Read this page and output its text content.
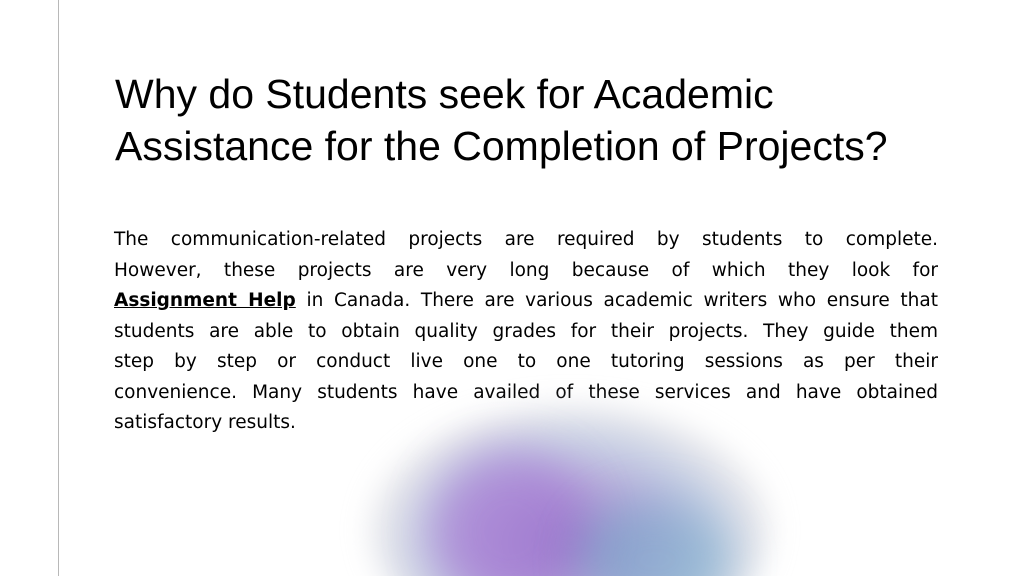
Why do Students seek for Academic
Assistance for the Completion of Projects?
The communication-related projects are required by students to complete.
However, these projects are very long because of which they look for
Assignment Help in Canada. There are various academic writers who ensure that
students are able to obtain quality grades for their projects. They guide them
step by step or conduct live one to one tutoring sessions as per their
convenience. Many students have availed of these services and have obtained
satisfactory results.
